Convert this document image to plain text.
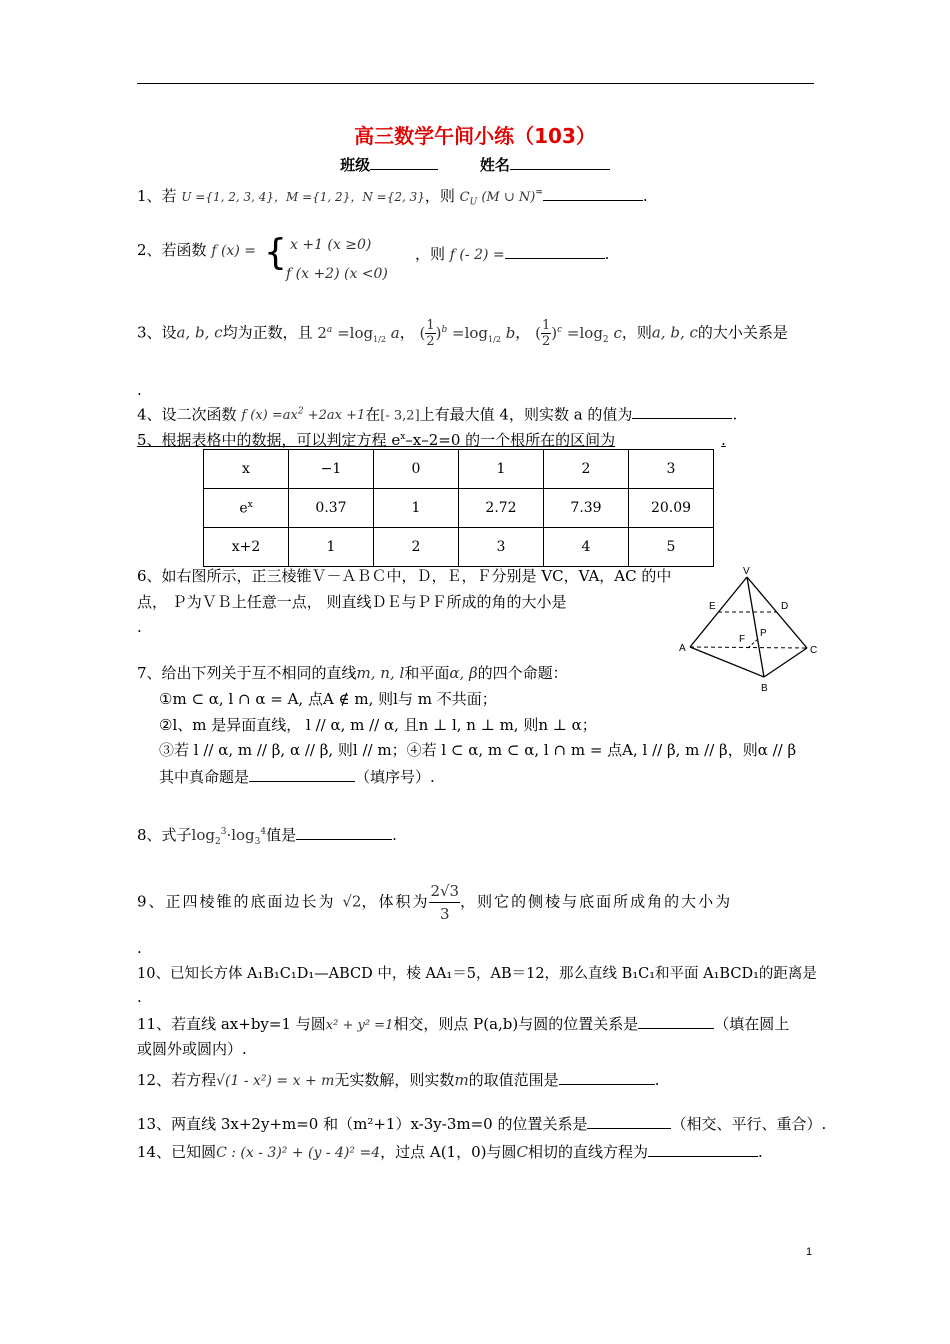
高三数学午间小练（103）
班级	姓名
1、若 U ={1, 2, 3, 4}，M ={1, 2}，N ={2, 3}，则 $C_U$ (M ∪ N)=	.
2、若函数 f (x) = { x +1 (x ≥0)
f (x +2) (x <0)
，则 f (- 2) =	.
3、设a, b, c均为正数，且 $2^a =\log_{1/2}$ a， ( $\frac{1}{2} )^b =\log_{1/2}$ b， ( $\frac{1}{2} )^c =\log_2$ c，则a, b, c的大小关系是
.
4、设二次函数 f $(x) =ax^2 +2ax +1$在[- 3,2]上有最大值 4，则实数 a 的值为	.
5、根据表格中的数据，可以判定方程 $e^x-x-2=0$ 的一个根所在的区间为	.
x	−1	0	1	2	3
$e^x$	0.37	1	2.72	7.39	20.09
x+2	1	2	3	4	5
6、如右图所示，正三棱锥Ｖ－ＡＢＣ中，Ｄ，Ｅ，Ｆ分别是 VC，VA，AC 的中
点， Ｐ为ＶＢ上任意一点， 则直线ＤＥ与ＰＦ所成的角的大小是
.
V
E	D
F
P
A	C
B
7、给出下列关于互不相同的直线m, n, l和平面α, β的四个命题：
①m ⊂ α, l ∩ α = A, 点A ∉ m, 则l与 m 不共面；
②l、m 是异面直线， l // α, m // α, 且n ⊥ l, n ⊥ m, 则n ⊥ α；
③若 l // α, m // β, α // β, 则l // m；④若 l ⊂ α, m ⊂ α, l ∩ m = 点A, l // β, m // β，则α // β
其中真命题是	（填序号）.
8、式子$\log_2^3\cdot\log_3^4$值是	.
9、正四棱锥的底面边长为 √2，体积为 $\frac{2√3}{3}$ ，则它的侧棱与底面所成角的大小为
.
10、已知长方体 A₁B₁C₁D₁—ABCD 中，棱 AA₁＝5，AB＝12，那么直线 B₁C₁和平面 A₁BCD₁的距离是
.
11、若直线 ax+by=1 与圆x² + y² =1相交，则点 P(a,b)与圆的位置关系是	（填在圆上
或圆外或圆内）.
12、若方程√(1 - x²) = x + m无实数解，则实数m的取值范围是	.
13、两直线 3x+2y+m=0 和（m²+1）x-3y-3m=0 的位置关系是	（相交、平行、重合）.
14、已知圆C : (x - 3)² + (y - 4)² =4，过点 A(1，0)与圆C相切的直线方程为	.
1
